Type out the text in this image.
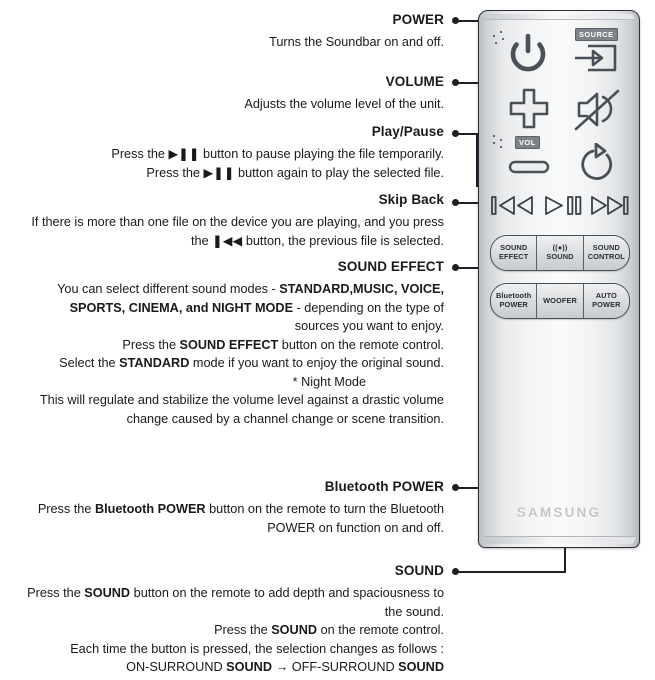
POWER
Turns the Soundbar on and off.
VOLUME
Adjusts the volume level of the unit.
Play/Pause
Press the ▶❚❚ button to pause playing the file temporarily.
Press the ▶❚❚ button again to play the selected file.
Skip Back
If there is more than one file on the device you are playing, and you press
the ❚◀◀ button, the previous file is selected.
SOUND EFFECT
You can select different sound modes - STANDARD,MUSIC, VOICE,
SPORTS, CINEMA, and NIGHT MODE - depending on the type of
sources you want to enjoy.
Press the SOUND EFFECT button on the remote control.
Select the STANDARD mode if you want to enjoy the original sound.
* Night Mode
This will regulate and stabilize the volume level against a drastic volume
change caused by a channel change or scene transition.
Bluetooth POWER
Press the Bluetooth POWER button on the remote to turn the Bluetooth
POWER on function on and off.
SOUND
Press the SOUND button on the remote to add depth and spaciousness to
the sound.
Press the SOUND on the remote control.
Each time the button is pressed, the selection changes as follows :
ON-SURROUND SOUND → OFF-SURROUND SOUND
SOURCE
VOL
SOUND
EFFECT
((●))
SOUND
SOUND
CONTROL
Bluetooth
POWER WOOFER	AUTO
POWER
SAMSUNG
